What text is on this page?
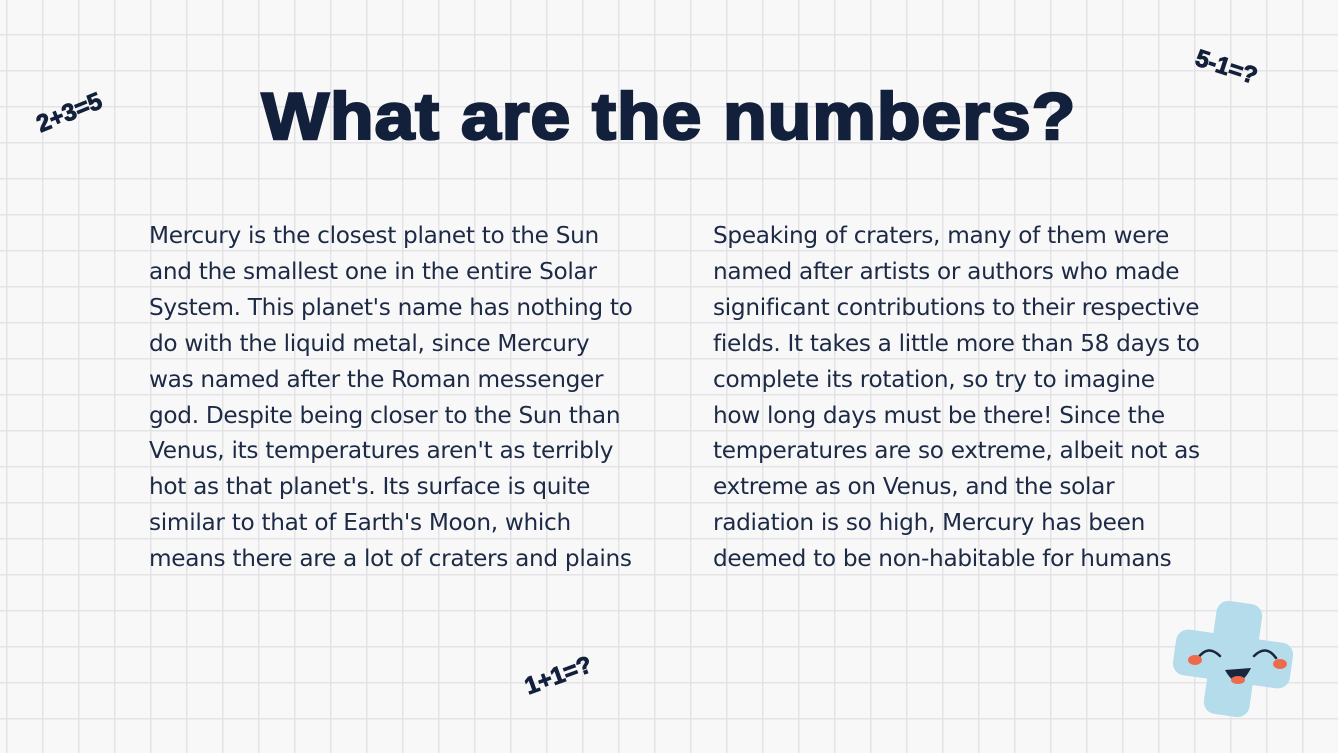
What are the numbers?

Mercury is the closest planet to the Sun and the smallest one in the entire Solar System. This planet's name has nothing to do with the liquid metal, since Mercury was named after the Roman messenger god. Despite being closer to the Sun than Venus, its temperatures aren't as terribly hot as that planet's. Its surface is quite similar to that of Earth's Moon, which means there are a lot of craters and plains

Speaking of craters, many of them were named after artists or authors who made significant contributions to their respective fields. It takes a little more than 58 days to complete its rotation, so try to imagine how long days must be there! Since the temperatures are so extreme, albeit not as extreme as on Venus, and the solar radiation is so high, Mercury has been deemed to be non-habitable for humans

2+3=5
5-1=?
1+1=?
